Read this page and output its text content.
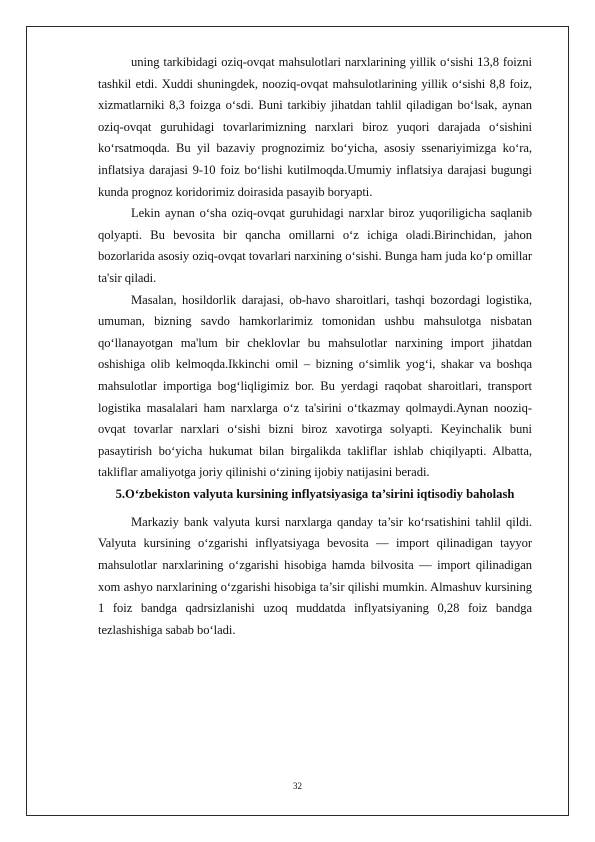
uning tarkibidagi oziq-ovqat mahsulotlari narxlarining yillik o‘sishi 13,8 foizni tashkil etdi. Xuddi shuningdek, nooziq-ovqat mahsulotlarining yillik o‘sishi 8,8 foiz, xizmatlarniki 8,3 foizga o‘sdi. Buni tarkibiy jihatdan tahlil qiladigan bo‘lsak, aynan oziq-ovqat guruhidagi tovarlarimizning narxlari biroz yuqori darajada o‘sishini ko‘rsatmoqda. Bu yil bazaviy prognozimiz bo‘yicha, asosiy ssenariyimizga ko‘ra, inflatsiya darajasi 9-10 foiz bo‘lishi kutilmoqda.Umumiy inflatsiya darajasi bugungi kunda prognoz koridorimiz doirasida pasayib boryapti.

Lekin aynan o‘sha oziq-ovqat guruhidagi narxlar biroz yuqoriligicha saqlanib qolyapti. Bu bevosita bir qancha omillarni o‘z ichiga oladi.Birinchidan, jahon bozorlarida asosiy oziq-ovqat tovarlari narxining o‘sishi. Bunga ham juda ko‘p omillar ta'sir qiladi.

Masalan, hosildorlik darajasi, ob-havo sharoitlari, tashqi bozordagi logistika, umuman, bizning savdo hamkorlarimiz tomonidan ushbu mahsulotga nisbatan qo‘llanayotgan ma'lum bir cheklovlar bu mahsulotlar narxining import jihatdan oshishiga olib kelmoqda.Ikkinchi omil – bizning o‘simlik yog‘i, shakar va boshqa mahsulotlar importiga bog‘liqligimiz bor. Bu yerdagi raqobat sharoitlari, transport logistika masalalari ham narxlarga o‘z ta'sirini o‘tkazmay qolmaydi.Aynan nooziq-ovqat tovarlar narxlari o‘sishi bizni biroz xavotirga solyapti. Keyinchalik buni pasaytirish bo‘yicha hukumat bilan birgalikda takliflar ishlab chiqilyapti. Albatta, takliflar amaliyotga joriy qilinishi o‘zining ijobiy natijasini beradi.

5.O‘zbekiston valyuta kursining inflyatsiyasiga ta’sirini iqtisodiy baholash

Markaziy bank valyuta kursi narxlarga qanday ta’sir ko‘rsatishini tahlil qildi. Valyuta kursining o‘zgarishi inflyatsiyaga bevosita — import qilinadigan tayyor mahsulotlar narxlarining o‘zgarishi hisobiga hamda bilvosita — import qilinadigan xom ashyo narxlarining o‘zgarishi hisobiga ta’sir qilishi mumkin. Almashuv kursining 1 foiz bandga qadrsizlanishi uzoq muddatda inflyatsiyaning 0,28 foiz bandga tezlashishiga sabab bo‘ladi.

32
